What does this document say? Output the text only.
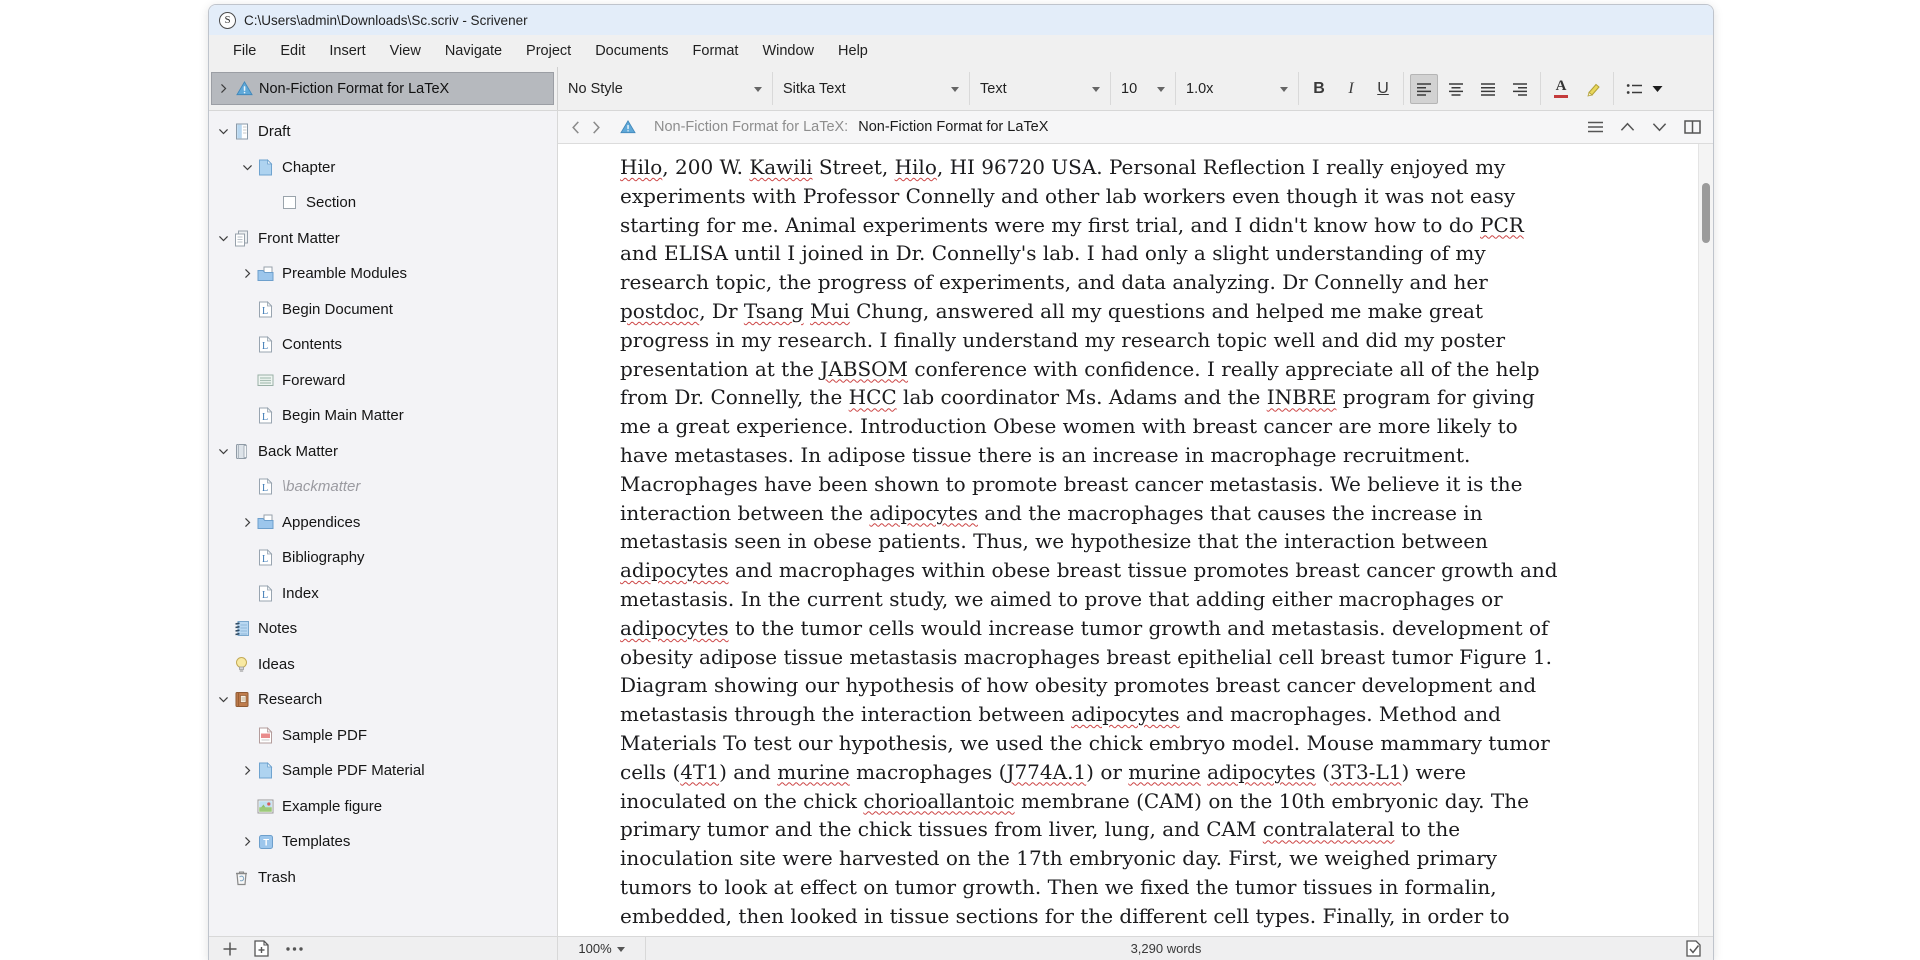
S C:\Users\admin\Downloads\Sc.scriv - Scrivener
File	Edit	Insert	View	Navigate	Project	Documents	Format	Window	Help
Non-Fiction Format for LaTeX	No Style	Sitka Text	Text	10	1.0x	B	I	U	A
Draft
Chapter
Section
Front Matter
Preamble Modules
L Begin Document
L Contents
Foreward
L Begin Main Matter
Back Matter
L \backmatter
Appendices
L Bibliography
L Index
Notes
Ideas
Research
Sample PDF
Sample PDF Material
Example figure
T Templates
Trash
Non-Fiction Format for LaTeX: Non-Fiction Format for LaTeX
Hilo, 200 W. Kawili Street, Hilo, HI 96720 USA. Personal Reflection I really enjoyed my
experiments with Professor Connelly and other lab workers even though it was not easy
starting for me. Animal experiments were my first trial, and I didn't know how to do PCR
and ELISA until I joined in Dr. Connelly's lab. I had only a slight understanding of my
research topic, the progress of experiments, and data analyzing. Dr Connelly and her
postdoc, Dr Tsang Mui Chung, answered all my questions and helped me make great
progress in my research. I finally understand my research topic well and did my poster
presentation at the JABSOM conference with confidence. I really appreciate all of the help
from Dr. Connelly, the HCC lab coordinator Ms. Adams and the INBRE program for giving
me a great experience. Introduction Obese women with breast cancer are more likely to
have metastases. In adipose tissue there is an increase in macrophage recruitment.
Macrophages have been shown to promote breast cancer metastasis. We believe it is the
interaction between the adipocytes and the macrophages that causes the increase in
metastasis seen in obese patients. Thus, we hypothesize that the interaction between
adipocytes and macrophages within obese breast tissue promotes breast cancer growth and
metastasis. In the current study, we aimed to prove that adding either macrophages or
adipocytes to the tumor cells would increase tumor growth and metastasis. development of
obesity adipose tissue metastasis macrophages breast epithelial cell breast tumor Figure 1.
Diagram showing our hypothesis of how obesity promotes breast cancer development and
metastasis through the interaction between adipocytes and macrophages. Method and
Materials To test our hypothesis, we used the chick embryo model. Mouse mammary tumor
cells (4T1) and murine macrophages (J774A.1) or murine adipocytes (3T3-L1) were
inoculated on the chick chorioallantoic membrane (CAM) on the 10th embryonic day. The
primary tumor and the chick tissues from liver, lung, and CAM contralateral to the
inoculation site were harvested on the 17th embryonic day. First, we weighed primary
tumors to look at effect on tumor growth. Then we fixed the tumor tissues in formalin,
embedded, then looked in tissue sections for the different cell types. Finally, in order to
100%	3,290 words
